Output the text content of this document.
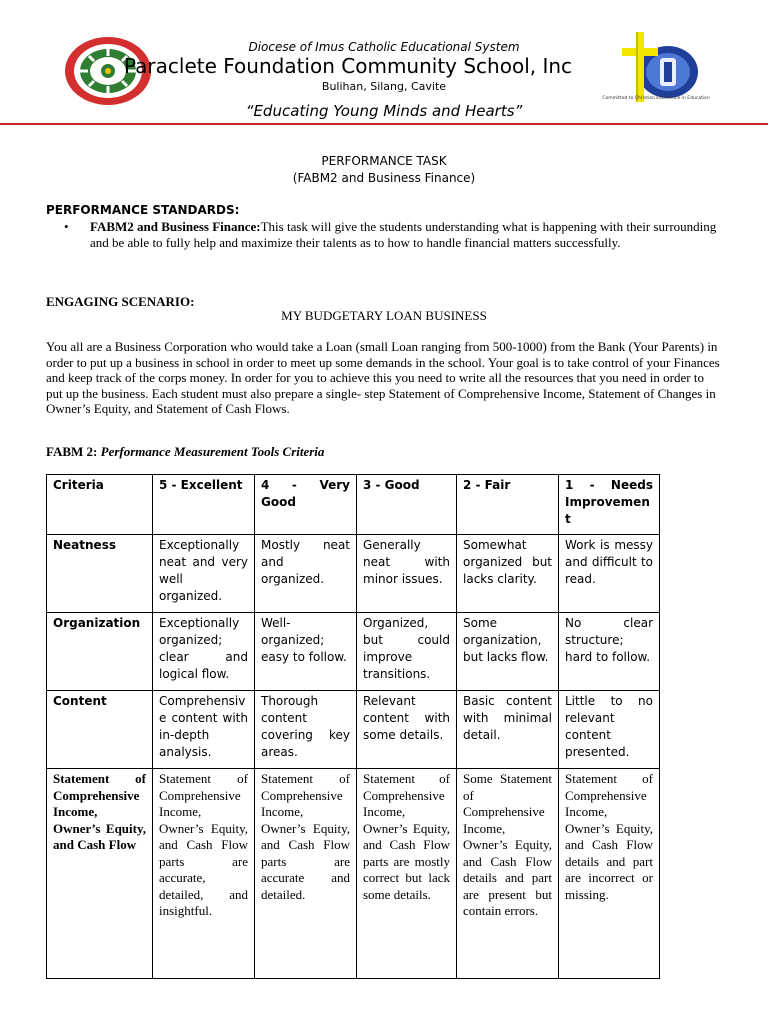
Diocese of Imus Catholic Educational System
Paraclete Foundation Community School, Inc
Bulihan, Silang, Cavite
“Educating Young Minds and Hearts”
Committed to Christian Excellence in Education
PERFORMANCE TASK
(FABM2 and Business Finance)
PERFORMANCE STANDARDS:
• FABM2 and Business Finance:This task will give the students understanding what is happening with their surrounding and be able to fully help and maximize their talents as to how to handle financial matters successfully.
ENGAGING SCENARIO:
MY BUDGETARY LOAN BUSINESS
You all are a Business Corporation who would take a Loan (small Loan ranging from 500-1000) from the Bank (Your Parents) in order to put up a business in school in order to meet up some demands in the school. Your goal is to take control of your Finances and keep track of the corps money. In order for you to achieve this you need to write all the resources that you need in order to put up the business. Each student must also prepare a single- step Statement of Comprehensive Income, Statement of Changes in Owner’s Equity, and Statement of Cash Flows.
FABM 2: Performance Measurement Tools Criteria
Criteria	5 - Excellent	4 - Very Good	3 - Good	2 - Fair	1 - Needs Improvement
Neatness	Exceptionally neat and very well organized.	Mostly neat and organized.	Generally neat with minor issues.	Somewhat organized but lacks clarity.	Work is messy and difficult to read.
Organization	Exceptionally organized; clear and logical flow.	Well-organized; easy to follow.	Organized, but could improve transitions.	Some organization, but lacks flow.	No clear structure; hard to follow.
Content	Comprehensive content with in-depth analysis.	Thorough content covering key areas.	Relevant content with some details.	Basic content with minimal detail.	Little to no relevant content presented.
Statement of Comprehensive Income, Owner’s Equity, and Cash Flow	Statement of Comprehensive Income, Owner’s Equity, and Cash Flow parts are accurate, detailed, and insightful.	Statement of Comprehensive Income, Owner’s Equity, and Cash Flow parts are accurate and detailed.	Statement of Comprehensive Income, Owner’s Equity, and Cash Flow parts are mostly correct but lack some details.	Some Statement of Comprehensive Income, Owner’s Equity, and Cash Flow details and part are present but contain errors.	Statement of Comprehensive Income, Owner’s Equity, and Cash Flow details and part are incorrect or missing.
